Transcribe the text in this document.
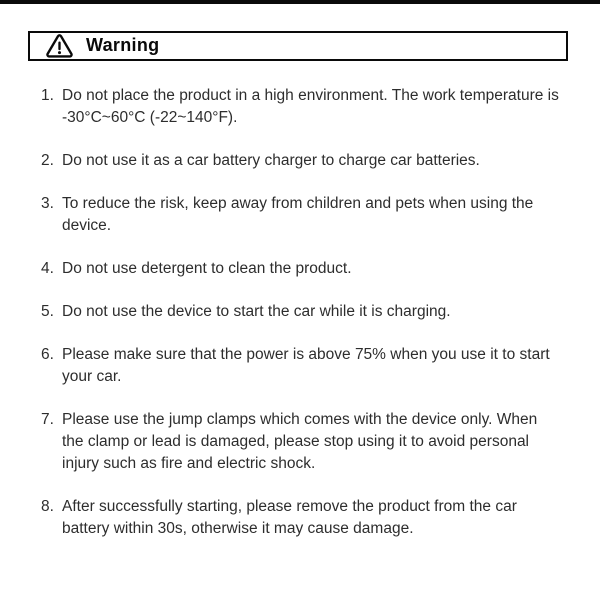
Warning
1. Do not place the product in a high environment. The work temperature is -30°C~60°C (-22~140°F).
2. Do not use it as a car battery charger to charge car batteries.
3. To reduce the risk, keep away from children and pets when using the device.
4. Do not use detergent to clean the product.
5. Do not use the device to start the car while it is charging.
6. Please make sure that the power is above 75% when you use it to start your car.
7. Please use the jump clamps which comes with the device only. When the clamp or lead is damaged, please stop using it to avoid personal injury such as fire and electric shock.
8. After successfully starting, please remove the product from the car battery within 30s, otherwise it may cause damage.
